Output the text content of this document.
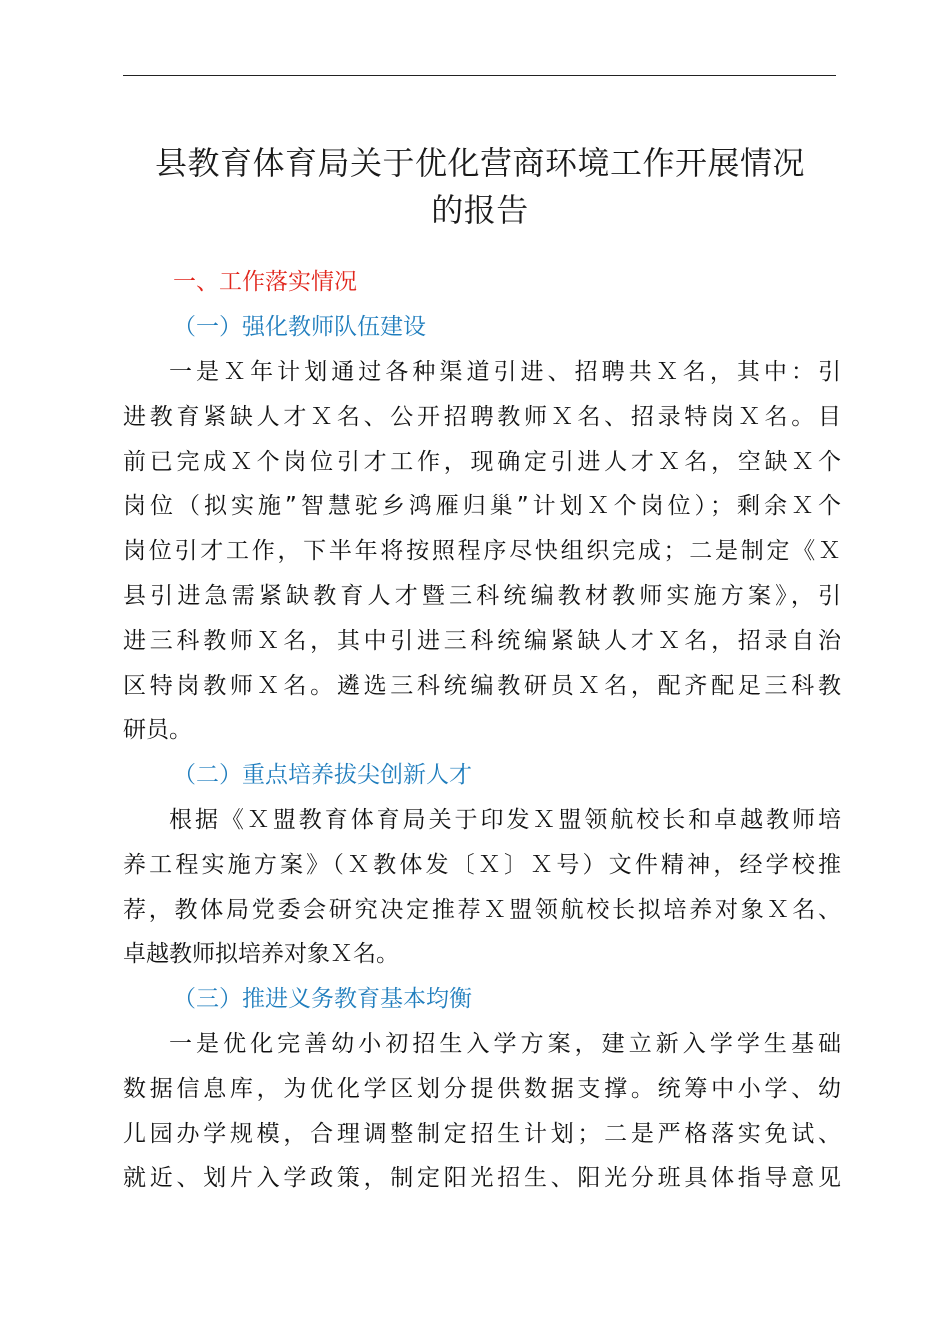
县教育体育局关于优化营商环境工作开展情况
的报告
一、工作落实情况
（一）强化教师队伍建设
一是Ｘ年计划通过各种渠道引进、招聘共Ｘ名，其中：引
进教育紧缺人才Ｘ名、公开招聘教师Ｘ名、招录特岗Ｘ名。目
前已完成Ｘ个岗位引才工作，现确定引进人才Ｘ名，空缺Ｘ个
岗位（拟实施”智慧驼乡鸿雁归巢”计划Ｘ个岗位）；剩余Ｘ个
岗位引才工作，下半年将按照程序尽快组织完成；二是制定《Ｘ
县引进急需紧缺教育人才暨三科统编教材教师实施方案》，引
进三科教师Ｘ名，其中引进三科统编紧缺人才Ｘ名，招录自治
区特岗教师Ｘ名。遴选三科统编教研员Ｘ名，配齐配足三科教
研员。
（二）重点培养拔尖创新人才
根据《Ｘ盟教育体育局关于印发Ｘ盟领航校长和卓越教师培
养工程实施方案》（Ｘ教体发〔Ｘ〕Ｘ号）文件精神，经学校推
荐，教体局党委会研究决定推荐Ｘ盟领航校长拟培养对象Ｘ名、
卓越教师拟培养对象Ｘ名。
（三）推进义务教育基本均衡
一是优化完善幼小初招生入学方案，建立新入学学生基础
数据信息库，为优化学区划分提供数据支撑。统筹中小学、幼
儿园办学规模，合理调整制定招生计划；二是严格落实免试、
就近、划片入学政策，制定阳光招生、阳光分班具体指导意见
